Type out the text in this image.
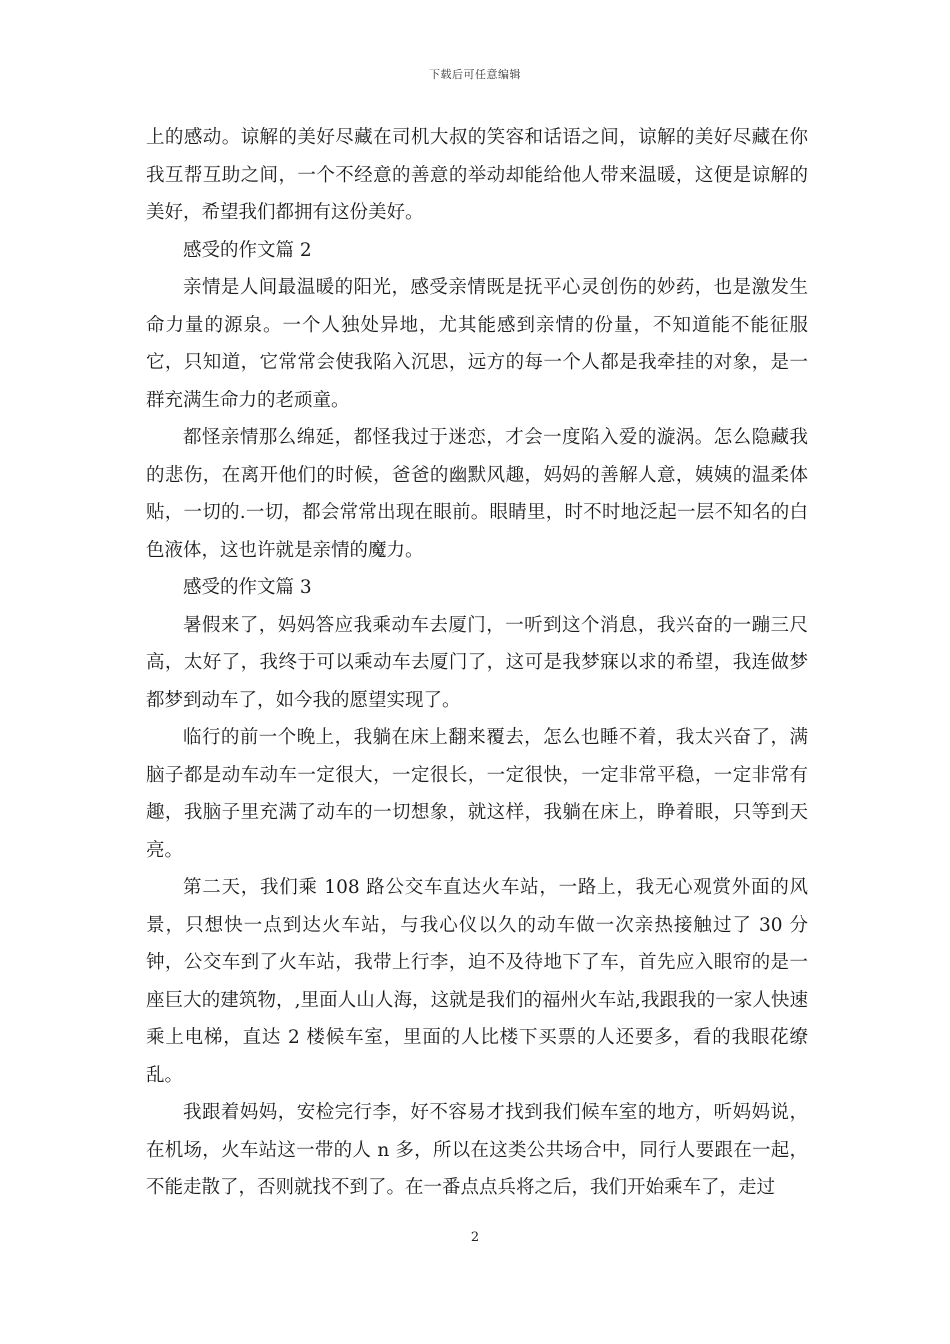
下载后可任意编辑

上的感动。谅解的美好尽藏在司机大叔的笑容和话语之间，谅解的美好尽藏在你我互帮互助之间，一个不经意的善意的举动却能给他人带来温暖，这便是谅解的美好，希望我们都拥有这份美好。

感受的作文篇 2

亲情是人间最温暖的阳光，感受亲情既是抚平心灵创伤的妙药，也是激发生命力量的源泉。一个人独处异地，尤其能感到亲情的份量，不知道能不能征服它，只知道，它常常会使我陷入沉思，远方的每一个人都是我牵挂的对象，是一群充满生命力的老顽童。

都怪亲情那么绵延，都怪我过于迷恋，才会一度陷入爱的漩涡。怎么隐藏我的悲伤，在离开他们的时候，爸爸的幽默风趣，妈妈的善解人意，姨姨的温柔体贴，一切的.一切，都会常常出现在眼前。眼睛里，时不时地泛起一层不知名的白色液体，这也许就是亲情的魔力。

感受的作文篇 3

暑假来了，妈妈答应我乘动车去厦门，一听到这个消息，我兴奋的一蹦三尺高，太好了，我终于可以乘动车去厦门了，这可是我梦寐以求的希望，我连做梦都梦到动车了，如今我的愿望实现了。

临行的前一个晚上，我躺在床上翻来覆去，怎么也睡不着，我太兴奋了，满脑子都是动车动车一定很大，一定很长，一定很快，一定非常平稳，一定非常有趣，我脑子里充满了动车的一切想象，就这样，我躺在床上，睁着眼，只等到天亮。

第二天，我们乘 108 路公交车直达火车站，一路上，我无心观赏外面的风景，只想快一点到达火车站，与我心仪以久的动车做一次亲热接触过了 30 分钟，公交车到了火车站，我带上行李，迫不及待地下了车，首先应入眼帘的是一座巨大的建筑物，,里面人山人海，这就是我们的福州火车站,我跟我的一家人快速乘上电梯，直达 2 楼候车室，里面的人比楼下买票的人还要多，看的我眼花缭乱。

我跟着妈妈，安检完行李，好不容易才找到我们候车室的地方，听妈妈说，在机场，火车站这一带的人 n 多，所以在这类公共场合中，同行人要跟在一起，不能走散了，否则就找不到了。在一番点点兵将之后，我们开始乘车了，走过

2
